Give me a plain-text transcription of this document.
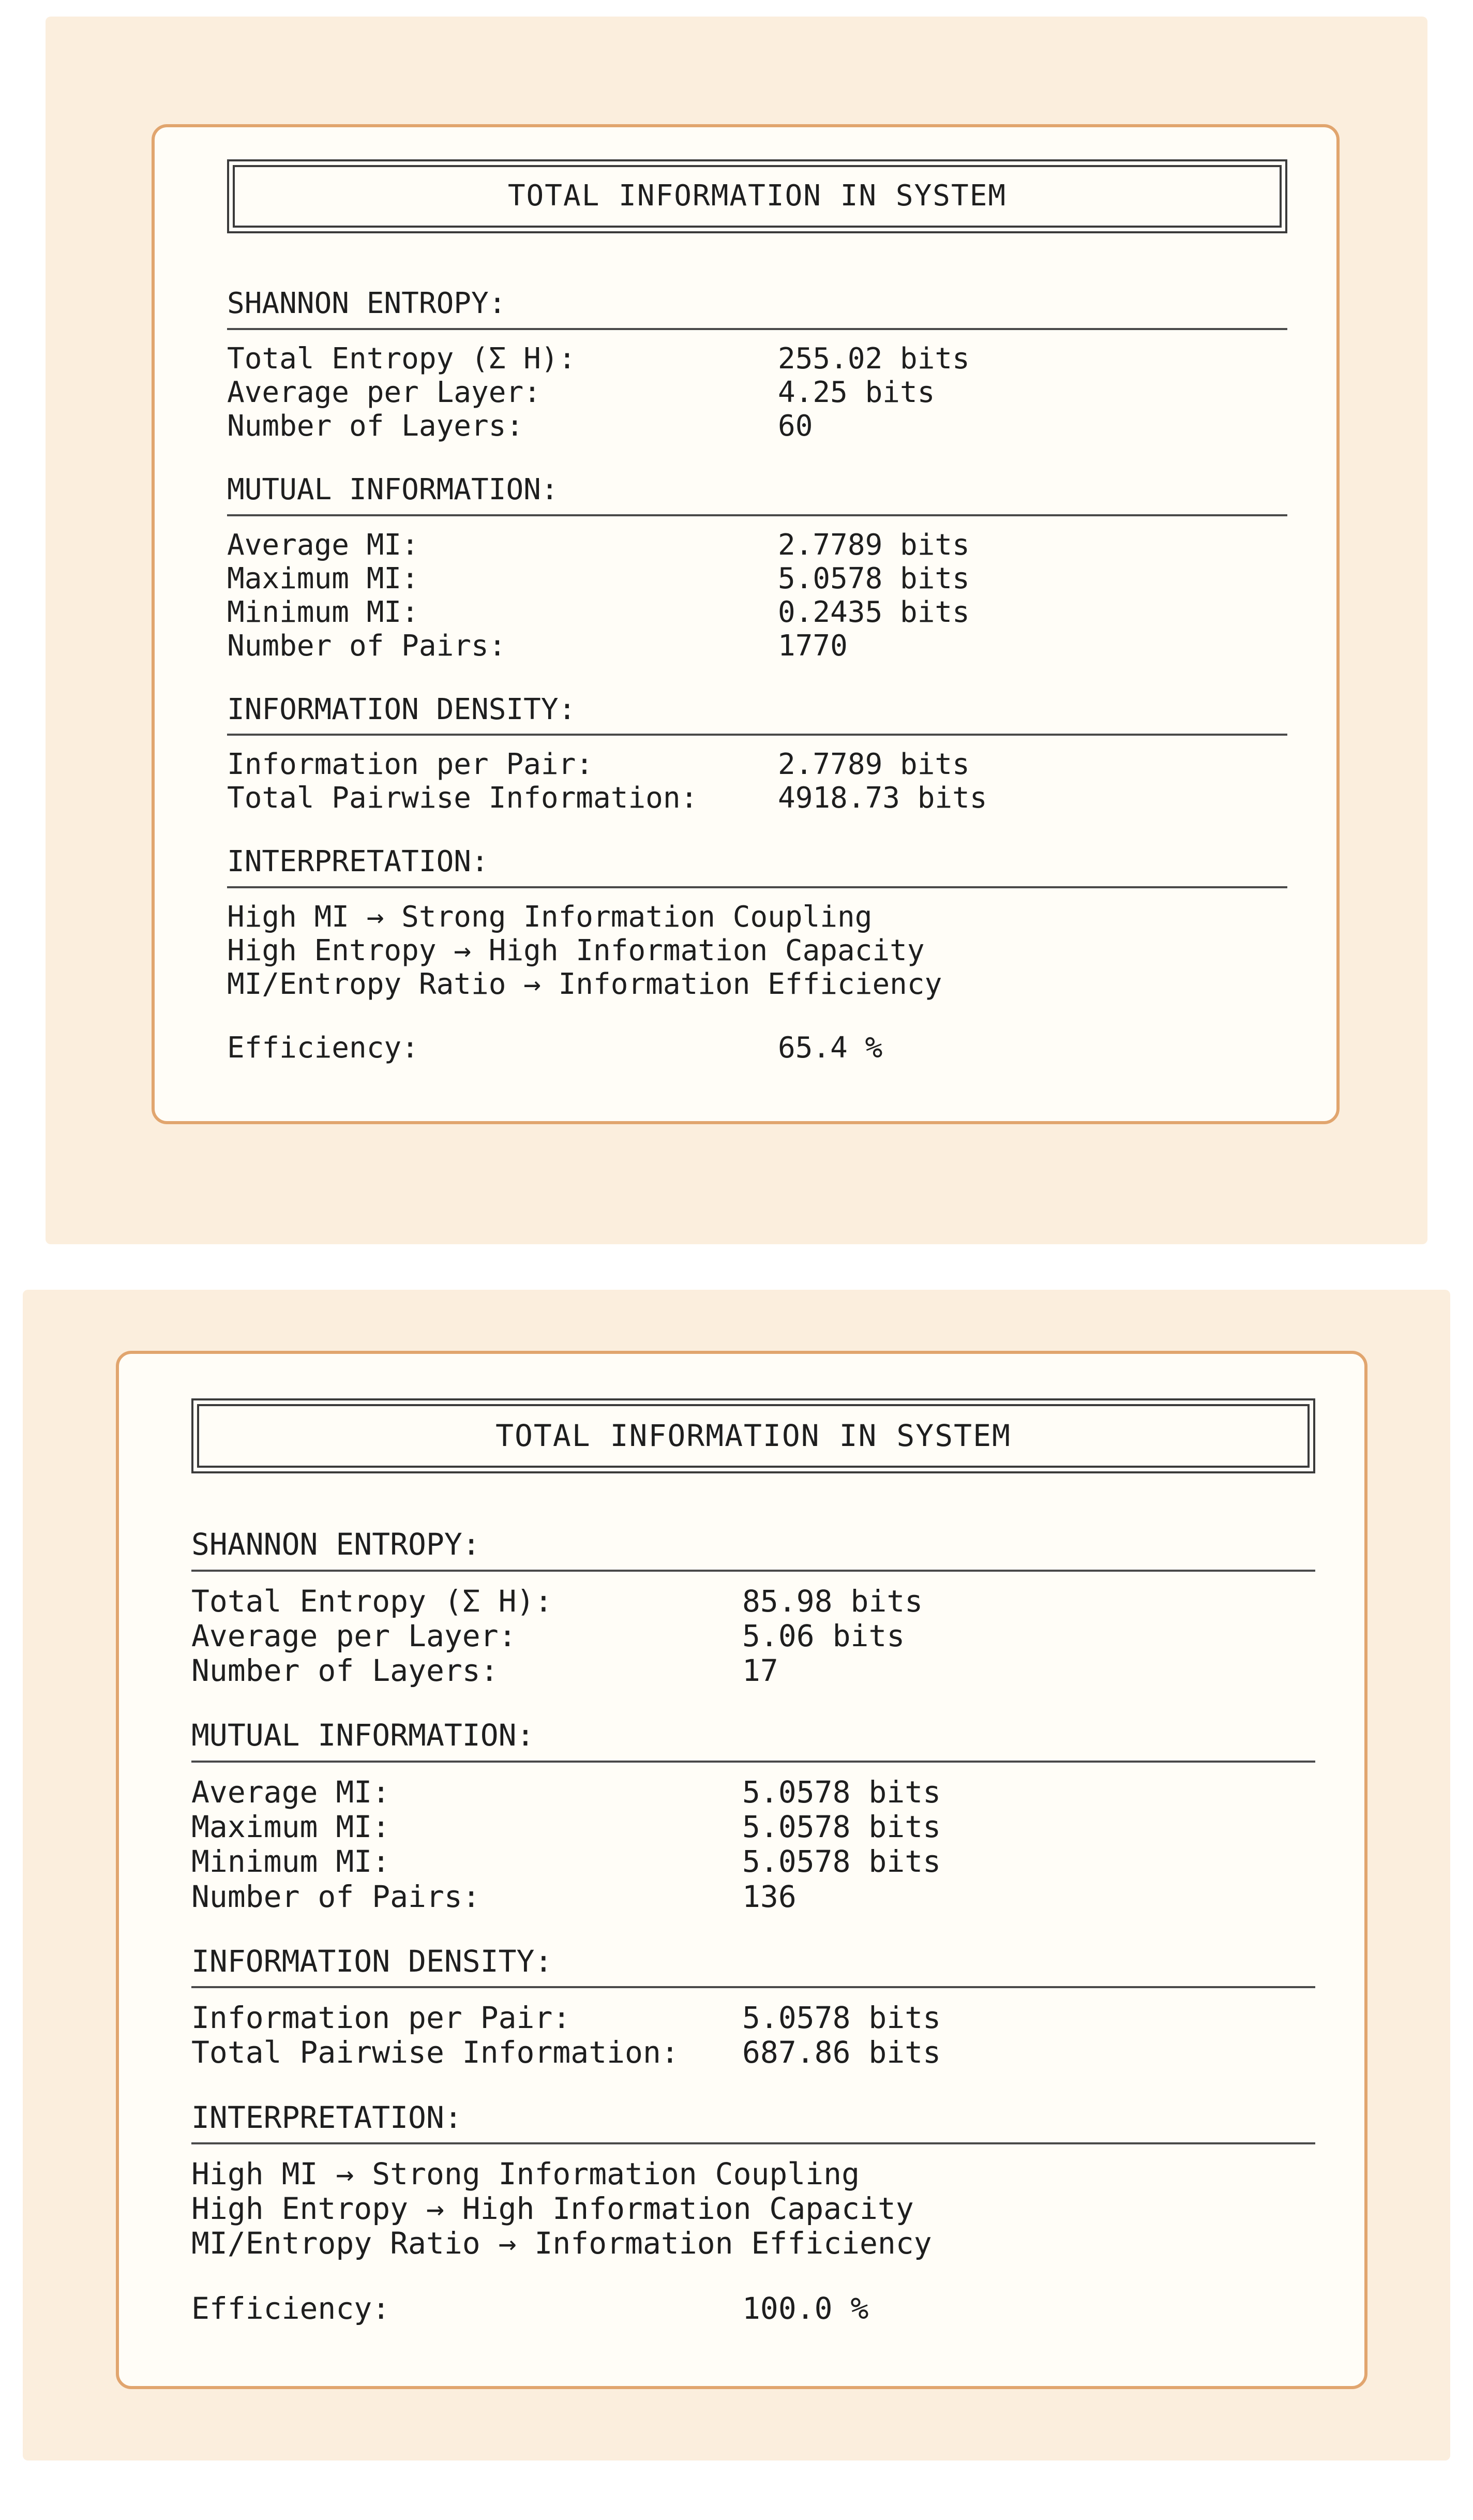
TOTAL INFORMATION IN SYSTEM
SHANNON ENTROPY:
Total Entropy (Σ H):	255.02 bits
Average per Layer:	4.25 bits
Number of Layers:	60
MUTUAL INFORMATION:
Average MI:	2.7789 bits
Maximum MI:	5.0578 bits
Minimum MI:	0.2435 bits
Number of Pairs:	1770
INFORMATION DENSITY:
Information per Pair:	2.7789 bits
Total Pairwise Information:	4918.73 bits
INTERPRETATION:
High MI → Strong Information Coupling
High Entropy → High Information Capacity
MI/Entropy Ratio → Information Efficiency
Efficiency:	65.4 %
TOTAL INFORMATION IN SYSTEM
SHANNON ENTROPY:
Total Entropy (Σ H):	85.98 bits
Average per Layer:	5.06 bits
Number of Layers:	17
MUTUAL INFORMATION:
Average MI:	5.0578 bits
Maximum MI:	5.0578 bits
Minimum MI:	5.0578 bits
Number of Pairs:	136
INFORMATION DENSITY:
Information per Pair:	5.0578 bits
Total Pairwise Information:	687.86 bits
INTERPRETATION:
High MI → Strong Information Coupling
High Entropy → High Information Capacity
MI/Entropy Ratio → Information Efficiency
Efficiency:	100.0 %
